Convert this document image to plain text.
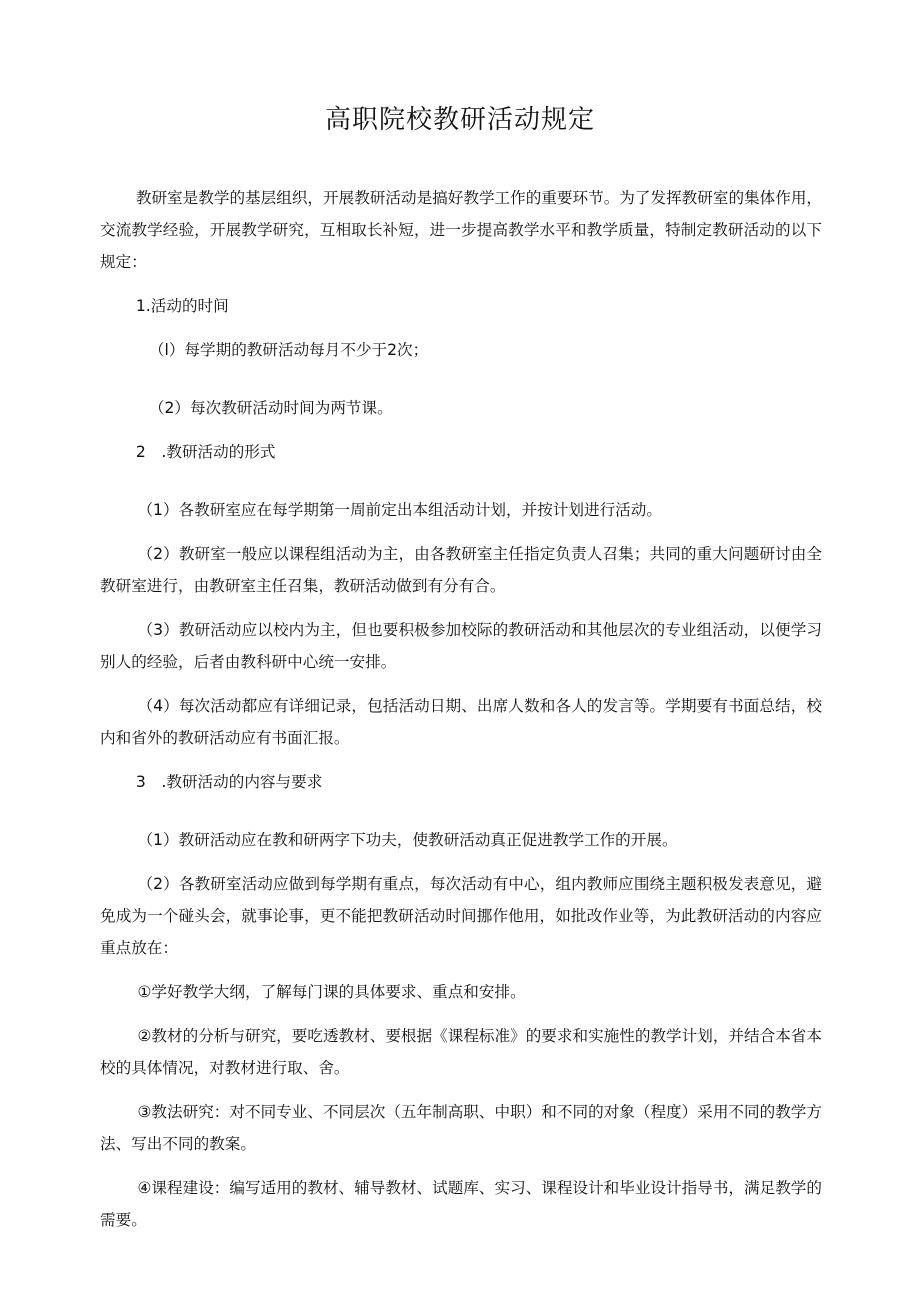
高职院校教研活动规定

教研室是教学的基层组织，开展教研活动是搞好教学工作的重要环节。为了发挥教研室的集体作用，交流教学经验，开展教学研究，互相取长补短，进一步提高教学水平和教学质量，特制定教研活动的以下规定：

1.活动的时间

（l）每学期的教研活动每月不少于2次；

（2）每次教研活动时间为两节课。

2　.教研活动的形式

（1）各教研室应在每学期第一周前定出本组活动计划，并按计划进行活动。

（2）教研室一般应以课程组活动为主，由各教研室主任指定负责人召集；共同的重大问题研讨由全教研室进行，由教研室主任召集，教研活动做到有分有合。

（3）教研活动应以校内为主，但也要积极参加校际的教研活动和其他层次的专业组活动，以便学习别人的经验，后者由教科研中心统一安排。

（4）每次活动都应有详细记录，包括活动日期、出席人数和各人的发言等。学期要有书面总结，校内和省外的教研活动应有书面汇报。

3　.教研活动的内容与要求

（1）教研活动应在教和研两字下功夫，使教研活动真正促进教学工作的开展。

（2）各教研室活动应做到每学期有重点，每次活动有中心，组内教师应围绕主题积极发表意见，避免成为一个碰头会，就事论事，更不能把教研活动时间挪作他用，如批改作业等，为此教研活动的内容应重点放在：

①学好教学大纲，了解每门课的具体要求、重点和安排。

②教材的分析与研究，要吃透教材、要根据《课程标准》的要求和实施性的教学计划，并结合本省本校的具体情况，对教材进行取、舍。

③教法研究：对不同专业、不同层次（五年制高职、中职）和不同的对象（程度）采用不同的教学方法、写出不同的教案。

④课程建设：编写适用的教材、辅导教材、试题库、实习、课程设计和毕业设计指导书，满足教学的需要。
